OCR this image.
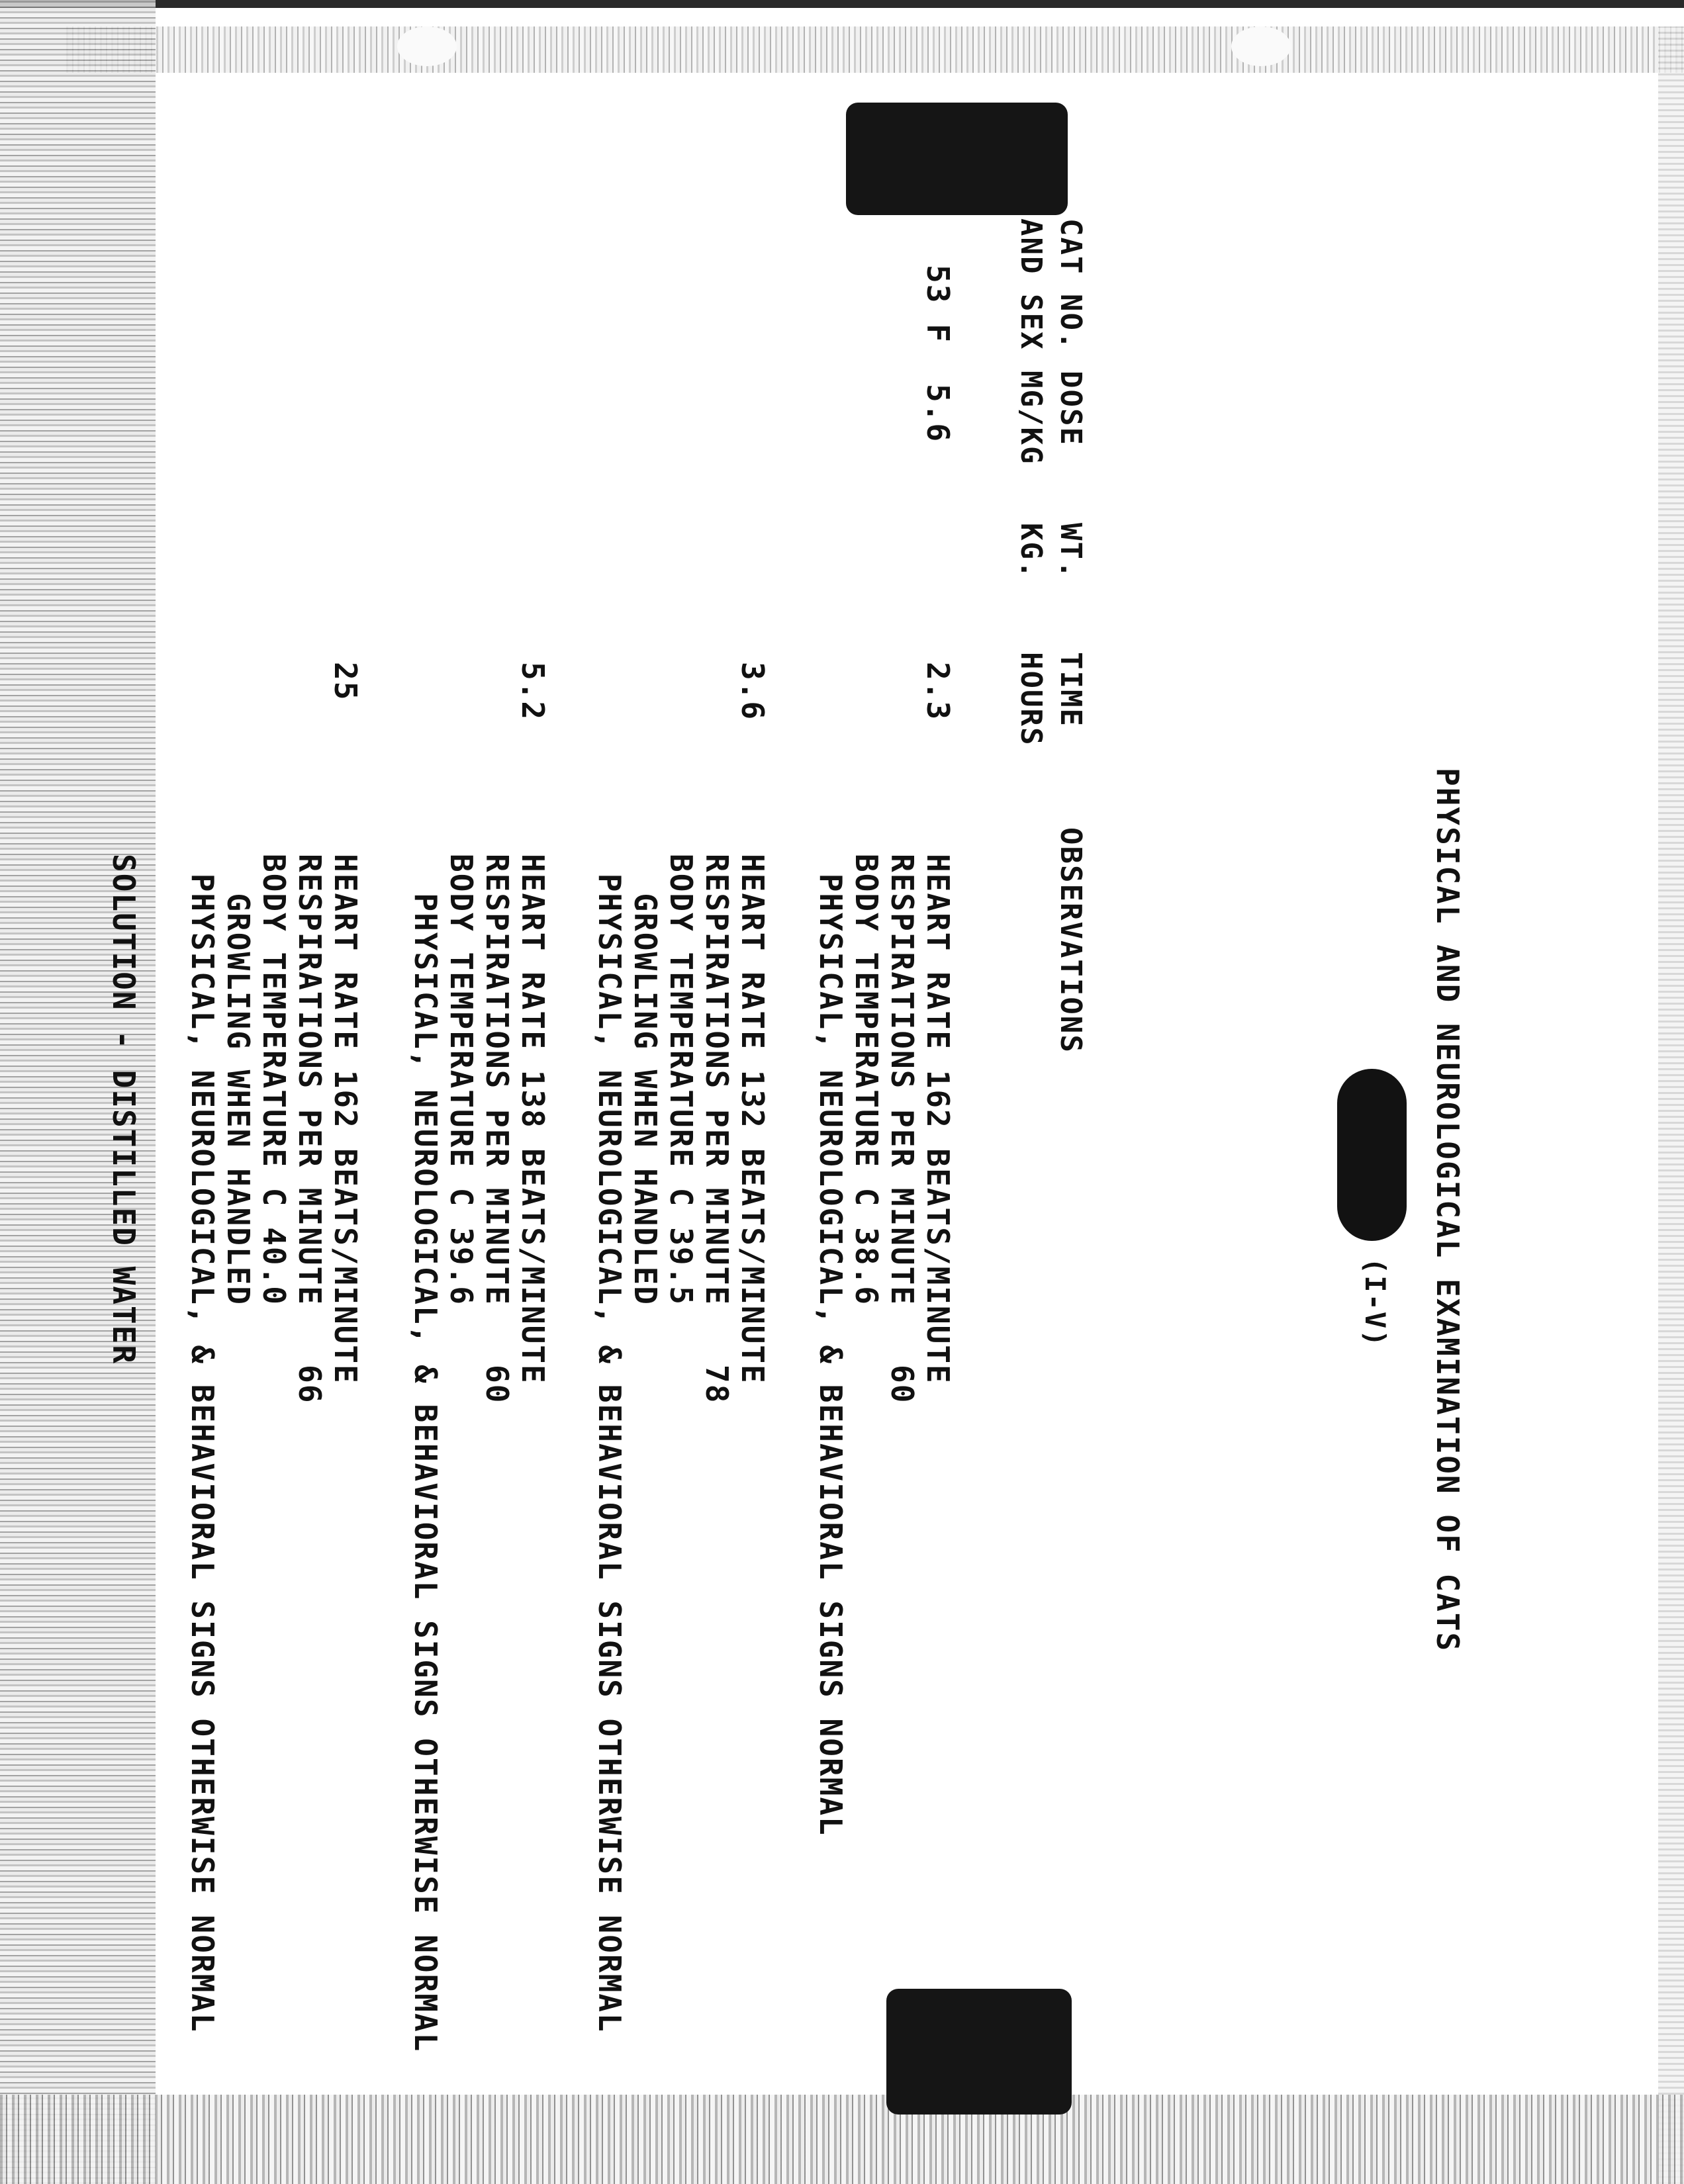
PHYSICAL AND NEUROLOGICAL EXAMINATION OF CATS
(I-V)
CAT NO.
AND SEX
DOSE
MG/KG
WT.
KG.
TIME
HOURS
OBSERVATIONS
53 F
5.6
2.3
HEART RATE 162 BEATS/MINUTE
RESPIRATIONS PER MINUTE   60
BODY TEMPERATURE C 38.6
PHYSICAL, NEUROLOGICAL, & BEHAVIORAL SIGNS NORMAL
3.6
HEART RATE 132 BEATS/MINUTE
RESPIRATIONS PER MINUTE   78
BODY TEMPERATURE C 39.5
GROWLING WHEN HANDLED
PHYSICAL, NEUROLOGICAL, & BEHAVIORAL SIGNS OTHERWISE NORMAL
5.2
HEART RATE 138 BEATS/MINUTE
RESPIRATIONS PER MINUTE   60
BODY TEMPERATURE C 39.6
PHYSICAL, NEUROLOGICAL, & BEHAVIORAL SIGNS OTHERWISE NORMAL
25
HEART RATE 162 BEATS/MINUTE
RESPIRATIONS PER MINUTE   66
BODY TEMPERATURE C 40.0
GROWLING WHEN HANDLED
PHYSICAL, NEUROLOGICAL, & BEHAVIORAL SIGNS OTHERWISE NORMAL
SOLUTION - DISTILLED WATER
